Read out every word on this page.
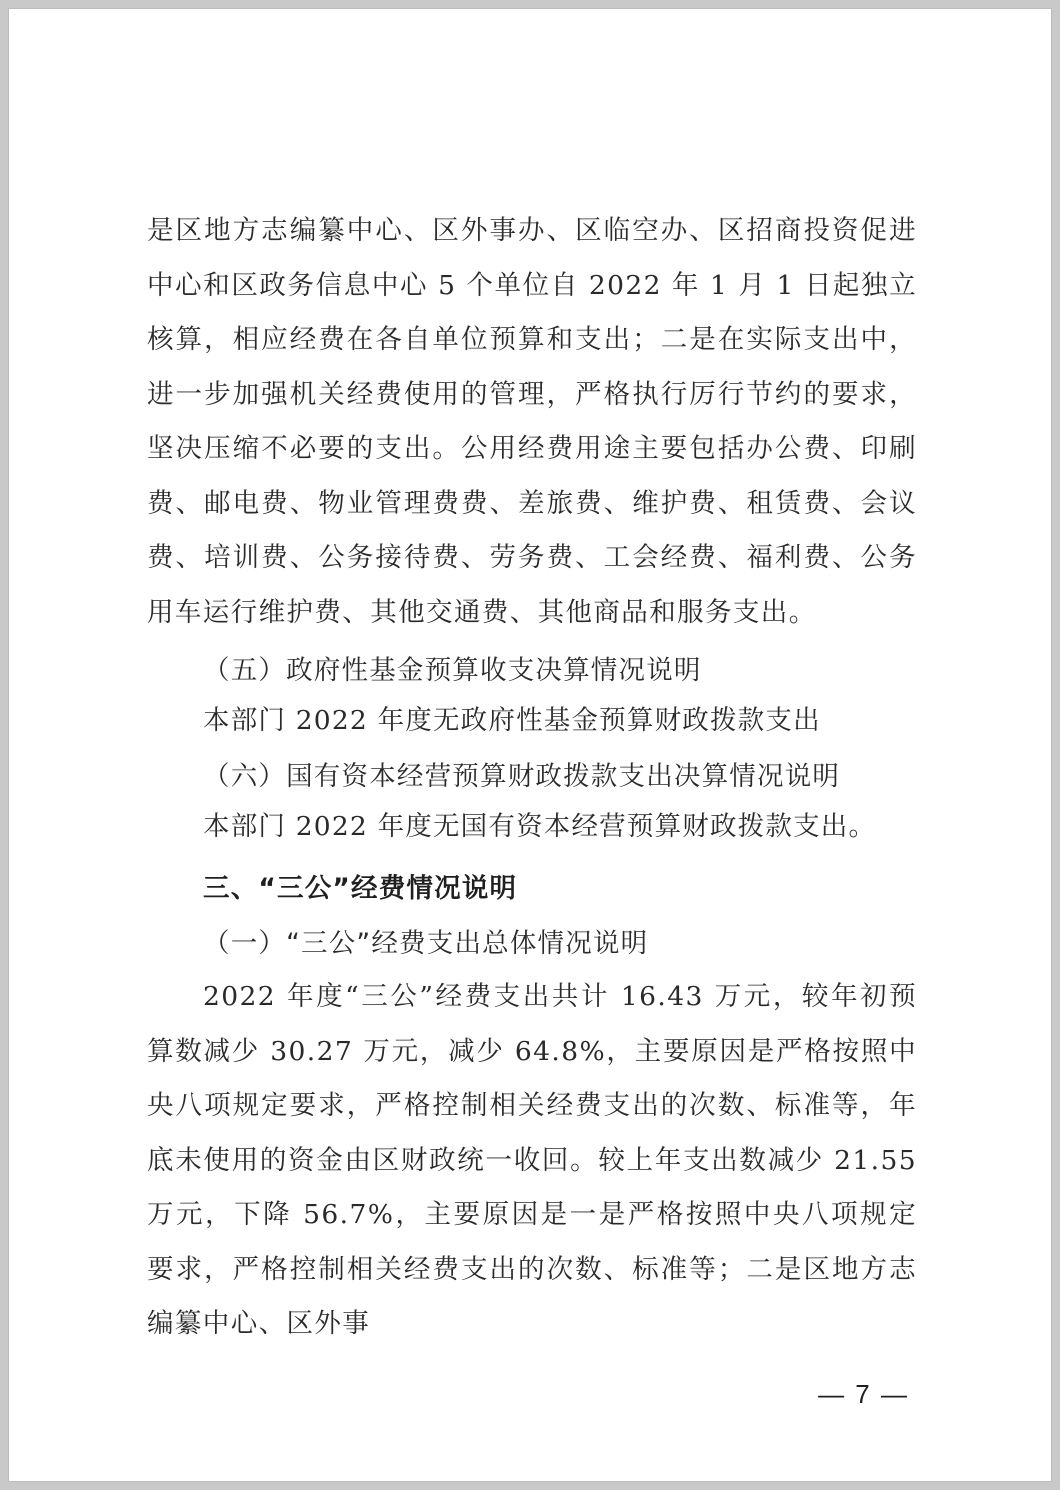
是区地方志编纂中心、区外事办、区临空办、区招商投资促进中心和区政务信息中心 5 个单位自 2022 年 1 月 1 日起独立核算，相应经费在各自单位预算和支出；二是在实际支出中，进一步加强机关经费使用的管理，严格执行厉行节约的要求，坚决压缩不必要的支出。公用经费用途主要包括办公费、印刷费、邮电费、物业管理费费、差旅费、维护费、租赁费、会议费、培训费、公务接待费、劳务费、工会经费、福利费、公务用车运行维护费、其他交通费、其他商品和服务支出。

（五）政府性基金预算收支决算情况说明

本部门 2022 年度无政府性基金预算财政拨款支出

（六）国有资本经营预算财政拨款支出决算情况说明

本部门 2022 年度无国有资本经营预算财政拨款支出。

三、“三公”经费情况说明

（一）“三公”经费支出总体情况说明

2022 年度“三公”经费支出共计 16.43 万元，较年初预算数减少 30.27 万元，减少 64.8%，主要原因是严格按照中央八项规定要求，严格控制相关经费支出的次数、标准等，年底未使用的资金由区财政统一收回。较上年支出数减少 21.55 万元，下降 56.7%，主要原因是一是严格按照中央八项规定要求，严格控制相关经费支出的次数、标准等；二是区地方志编纂中心、区外事

— 7 —
